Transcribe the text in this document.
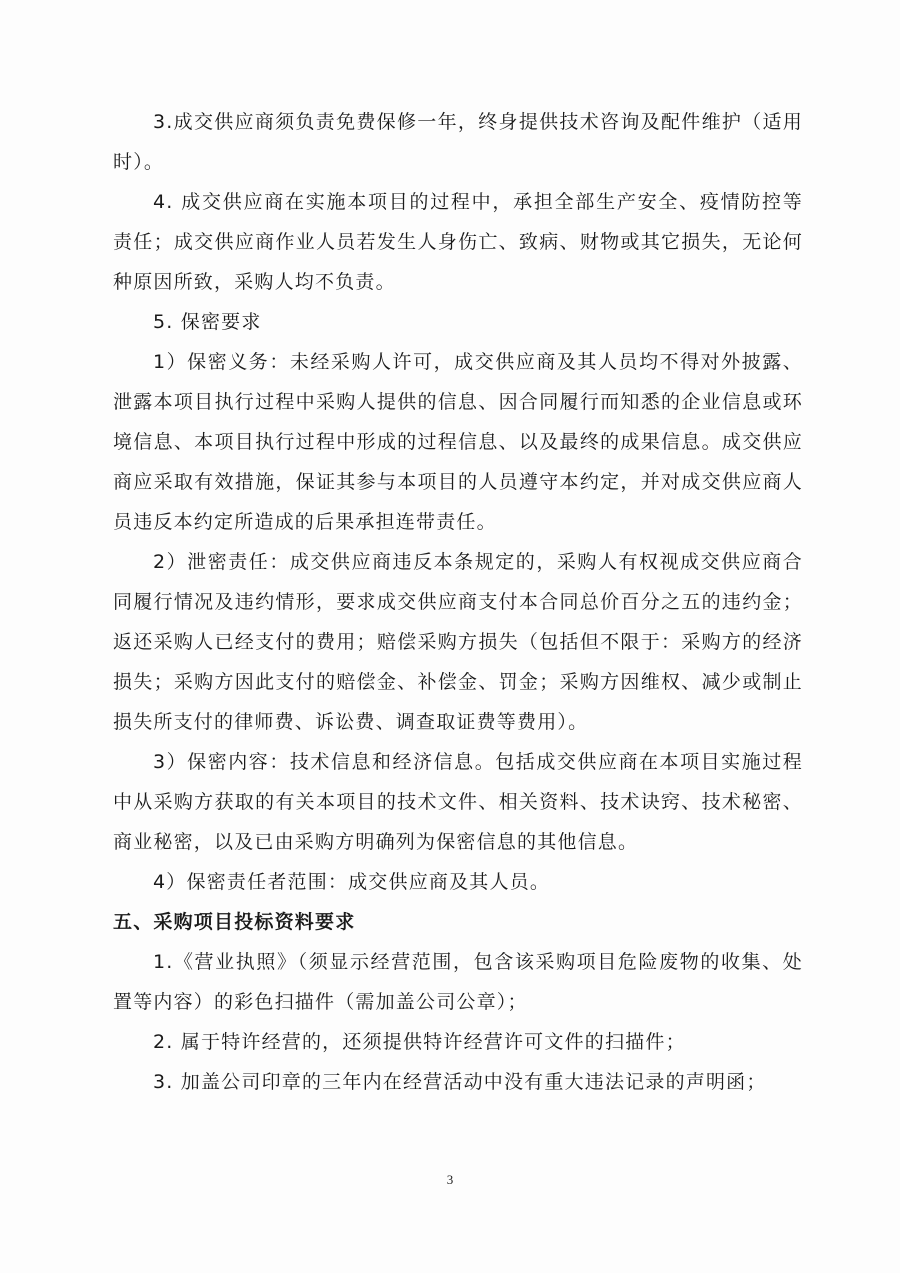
3.成交供应商须负责免费保修一年，终身提供技术咨询及配件维护（适用时）。

4. 成交供应商在实施本项目的过程中，承担全部生产安全、疫情防控等责任；成交供应商作业人员若发生人身伤亡、致病、财物或其它损失，无论何种原因所致，采购人均不负责。

5. 保密要求

1）保密义务：未经采购人许可，成交供应商及其人员均不得对外披露、泄露本项目执行过程中采购人提供的信息、因合同履行而知悉的企业信息或环境信息、本项目执行过程中形成的过程信息、以及最终的成果信息。成交供应商应采取有效措施，保证其参与本项目的人员遵守本约定，并对成交供应商人员违反本约定所造成的后果承担连带责任。

2）泄密责任：成交供应商违反本条规定的，采购人有权视成交供应商合同履行情况及违约情形，要求成交供应商支付本合同总价百分之五的违约金；返还采购人已经支付的费用；赔偿采购方损失（包括但不限于：采购方的经济损失；采购方因此支付的赔偿金、补偿金、罚金；采购方因维权、减少或制止损失所支付的律师费、诉讼费、调查取证费等费用）。

3）保密内容：技术信息和经济信息。包括成交供应商在本项目实施过程中从采购方获取的有关本项目的技术文件、相关资料、技术诀窍、技术秘密、商业秘密，以及已由采购方明确列为保密信息的其他信息。

4）保密责任者范围：成交供应商及其人员。

五、采购项目投标资料要求

1.《营业执照》（须显示经营范围，包含该采购项目危险废物的收集、处置等内容）的彩色扫描件（需加盖公司公章）；

2. 属于特许经营的，还须提供特许经营许可文件的扫描件；

3. 加盖公司印章的三年内在经营活动中没有重大违法记录的声明函；

3
